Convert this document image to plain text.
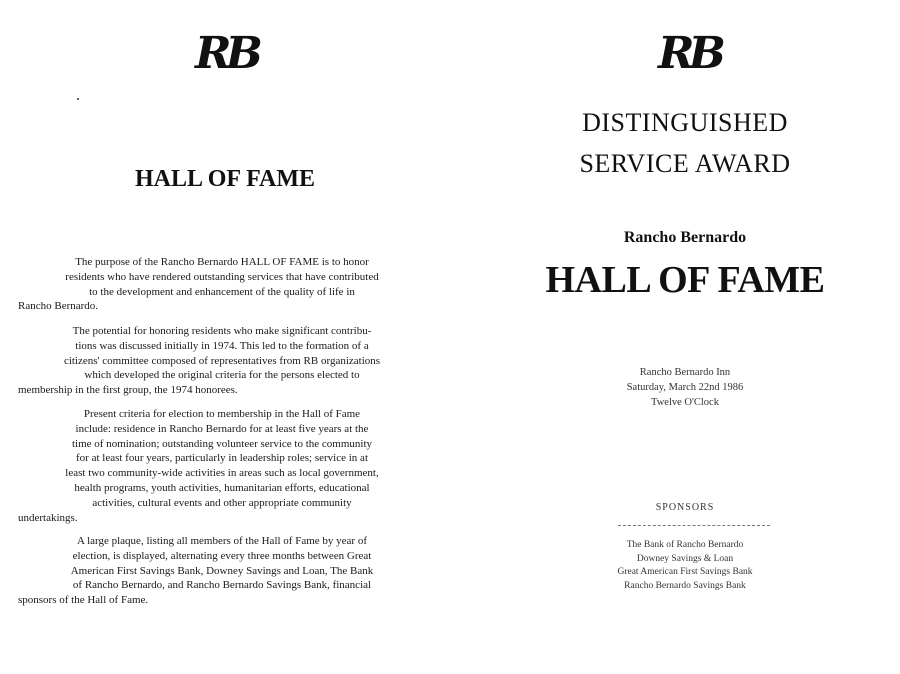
RB
HALL OF FAME
The purpose of the Rancho Bernardo HALL OF FAME is to honor
residents who have rendered outstanding services that have contributed
to the development and enhancement of the quality of life in
Rancho Bernardo.
The potential for honoring residents who make significant contribu-
tions was discussed initially in 1974. This led to the formation of a
citizens' committee composed of representatives from RB organizations
which developed the original criteria for the persons elected to
membership in the first group, the 1974 honorees.
Present criteria for election to membership in the Hall of Fame
include: residence in Rancho Bernardo for at least five years at the
time of nomination; outstanding volunteer service to the community
for at least four years, particularly in leadership roles; service in at
least two community-wide activities in areas such as local government,
health programs, youth activities, humanitarian efforts, educational
activities, cultural events and other appropriate community
undertakings.
A large plaque, listing all members of the Hall of Fame by year of
election, is displayed, alternating every three months between Great
American First Savings Bank, Downey Savings and Loan, The Bank
of Rancho Bernardo, and Rancho Bernardo Savings Bank, financial
sponsors of the Hall of Fame.
RB
DISTINGUISHED
SERVICE AWARD
Rancho Bernardo
HALL OF FAME
Rancho Bernardo Inn
Saturday, March 22nd 1986
Twelve O'Clock
SPONSORS
The Bank of Rancho Bernardo
Downey Savings & Loan
Great American First Savings Bank
Rancho Bernardo Savings Bank
